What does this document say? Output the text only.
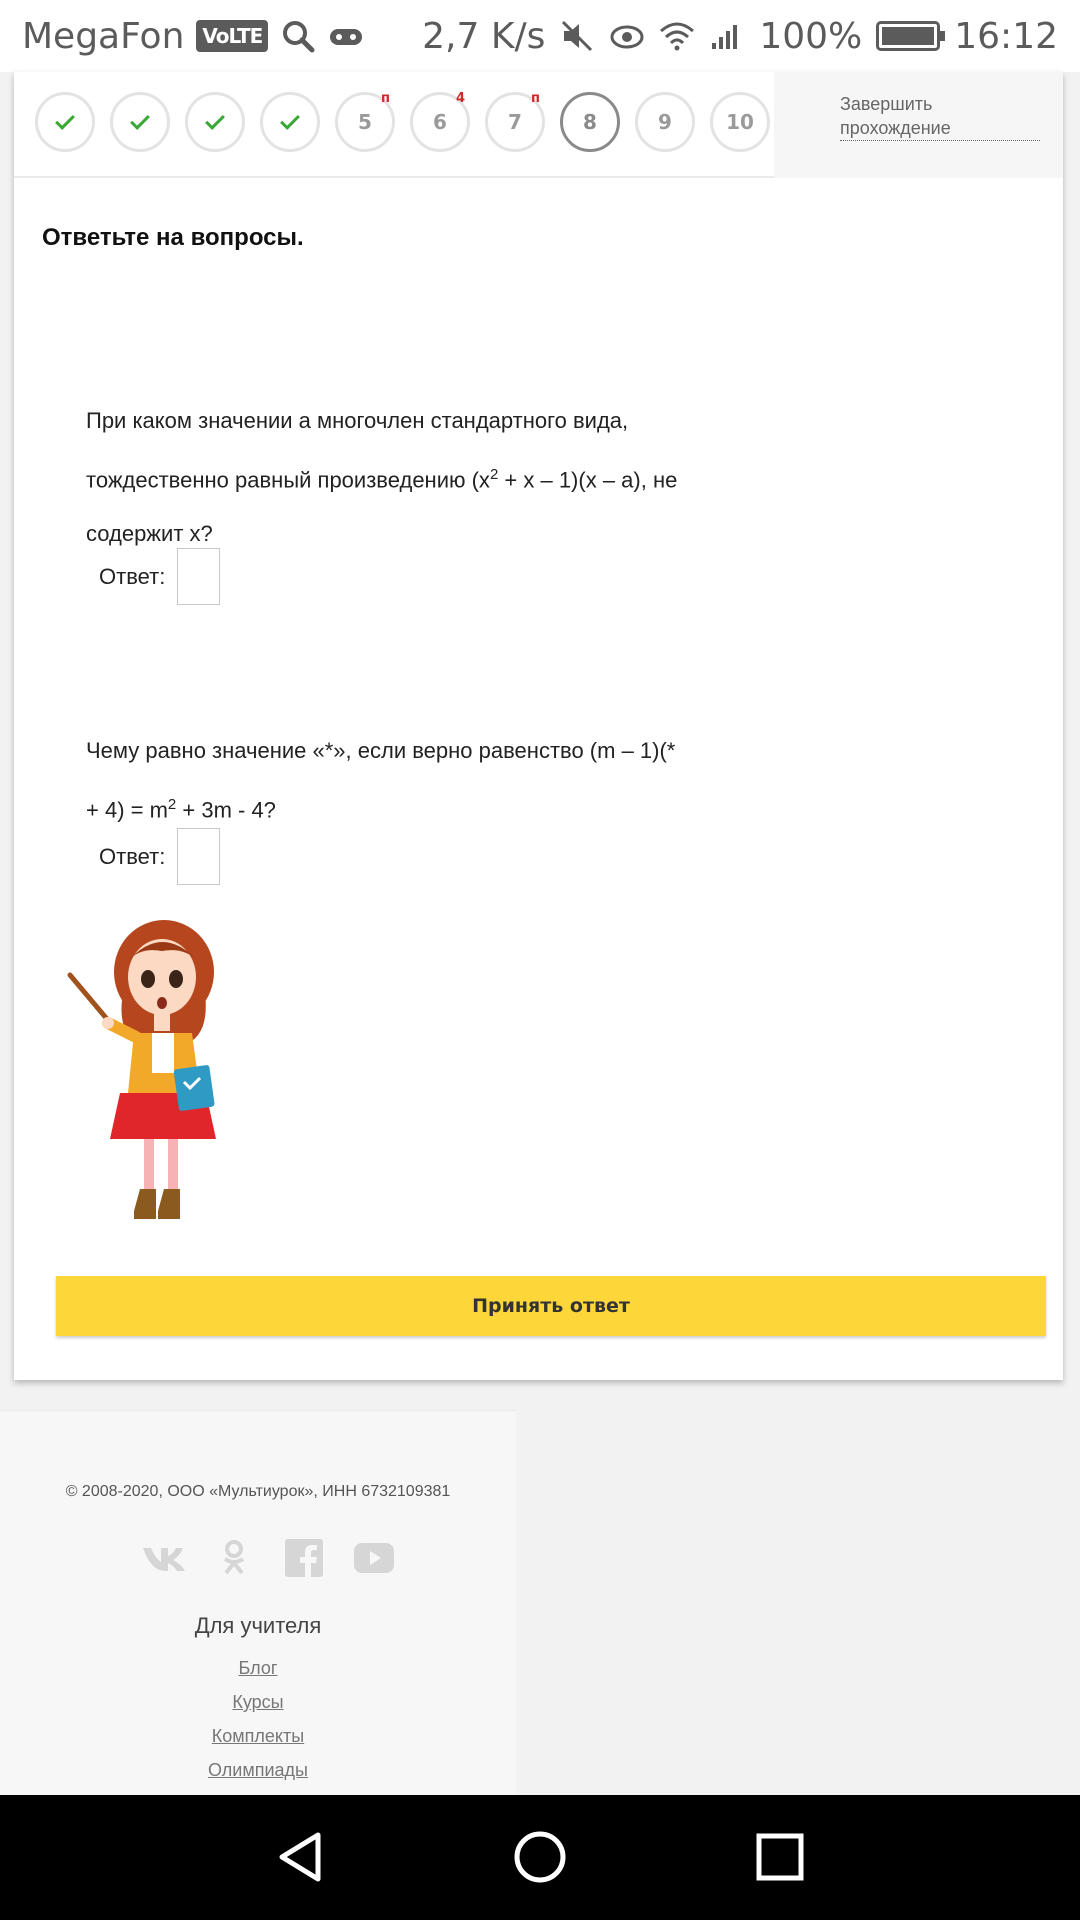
MegaFon VoLTE	2,7 K/s	100%	16:12
5
п
6
4
7
п
8	9	10
Завершить прохождение
Ответьте на вопросы.
При каком значении а многочлен стандартного вида,
тождественно равный произведению $(x^2 + x - 1)(x - a)$, не
содержит x?
Ответ:
Чему равно значение «*», если верно равенство (m – 1)(*
+ $4) = m^2 + 3m - 4$?
Ответ:
Принять ответ
© 2008-2020, ООО «Мультиурок», ИНН 6732109381
Для учителя
Блог
Курсы
Комплекты
Олимпиады
